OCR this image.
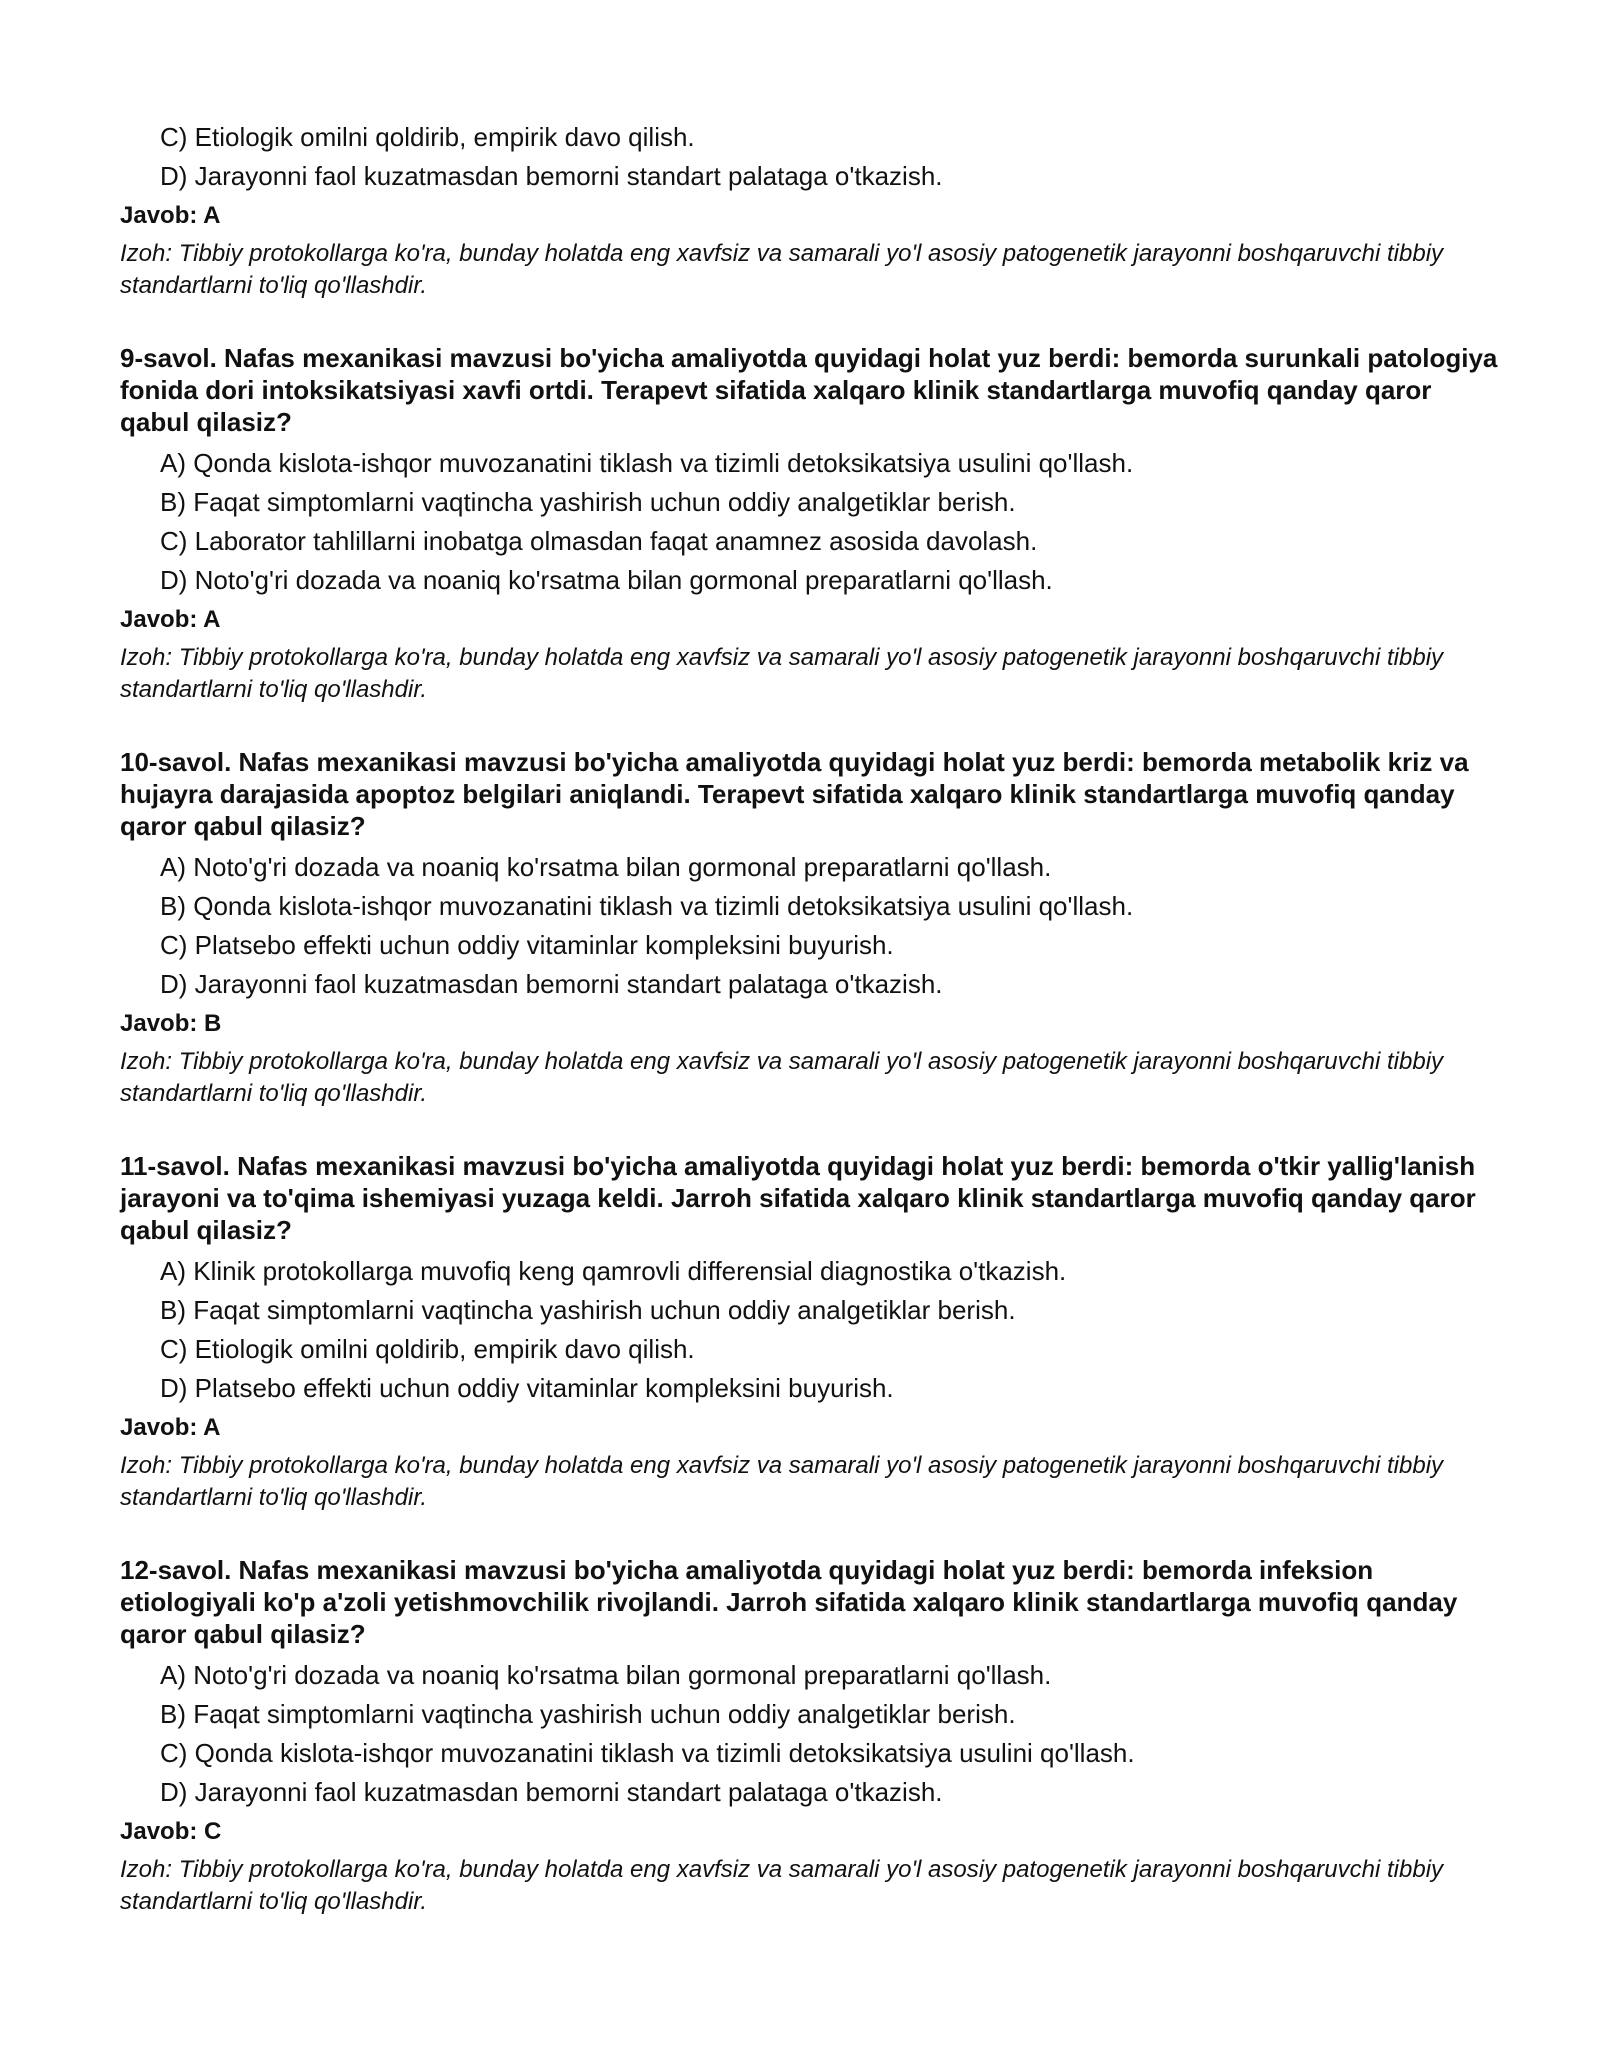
C) Etiologik omilni qoldirib, empirik davo qilish.
D) Jarayonni faol kuzatmasdan bemorni standart palataga o'tkazish.
Javob: A
Izoh: Tibbiy protokollarga ko'ra, bunday holatda eng xavfsiz va samarali yo'l asosiy patogenetik jarayonni boshqaruvchi tibbiy standartlarni to'liq qo'llashdir.
9-savol. Nafas mexanikasi mavzusi bo'yicha amaliyotda quyidagi holat yuz berdi: bemorda surunkali patologiya fonida dori intoksikatsiyasi xavfi ortdi. Terapevt sifatida xalqaro klinik standartlarga muvofiq qanday qaror qabul qilasiz?
A) Qonda kislota-ishqor muvozanatini tiklash va tizimli detoksikatsiya usulini qo'llash.
B) Faqat simptomlarni vaqtincha yashirish uchun oddiy analgetiklar berish.
C) Laborator tahlillarni inobatga olmasdan faqat anamnez asosida davolash.
D) Noto'g'ri dozada va noaniq ko'rsatma bilan gormonal preparatlarni qo'llash.
Javob: A
Izoh: Tibbiy protokollarga ko'ra, bunday holatda eng xavfsiz va samarali yo'l asosiy patogenetik jarayonni boshqaruvchi tibbiy standartlarni to'liq qo'llashdir.
10-savol. Nafas mexanikasi mavzusi bo'yicha amaliyotda quyidagi holat yuz berdi: bemorda metabolik kriz va hujayra darajasida apoptoz belgilari aniqlandi. Terapevt sifatida xalqaro klinik standartlarga muvofiq qanday qaror qabul qilasiz?
A) Noto'g'ri dozada va noaniq ko'rsatma bilan gormonal preparatlarni qo'llash.
B) Qonda kislota-ishqor muvozanatini tiklash va tizimli detoksikatsiya usulini qo'llash.
C) Platsebo effekti uchun oddiy vitaminlar kompleksini buyurish.
D) Jarayonni faol kuzatmasdan bemorni standart palataga o'tkazish.
Javob: B
Izoh: Tibbiy protokollarga ko'ra, bunday holatda eng xavfsiz va samarali yo'l asosiy patogenetik jarayonni boshqaruvchi tibbiy standartlarni to'liq qo'llashdir.
11-savol. Nafas mexanikasi mavzusi bo'yicha amaliyotda quyidagi holat yuz berdi: bemorda o'tkir yallig'lanish jarayoni va to'qima ishemiyasi yuzaga keldi. Jarroh sifatida xalqaro klinik standartlarga muvofiq qanday qaror qabul qilasiz?
A) Klinik protokollarga muvofiq keng qamrovli differensial diagnostika o'tkazish.
B) Faqat simptomlarni vaqtincha yashirish uchun oddiy analgetiklar berish.
C) Etiologik omilni qoldirib, empirik davo qilish.
D) Platsebo effekti uchun oddiy vitaminlar kompleksini buyurish.
Javob: A
Izoh: Tibbiy protokollarga ko'ra, bunday holatda eng xavfsiz va samarali yo'l asosiy patogenetik jarayonni boshqaruvchi tibbiy standartlarni to'liq qo'llashdir.
12-savol. Nafas mexanikasi mavzusi bo'yicha amaliyotda quyidagi holat yuz berdi: bemorda infeksion etiologiyali ko'p a'zoli yetishmovchilik rivojlandi. Jarroh sifatida xalqaro klinik standartlarga muvofiq qanday qaror qabul qilasiz?
A) Noto'g'ri dozada va noaniq ko'rsatma bilan gormonal preparatlarni qo'llash.
B) Faqat simptomlarni vaqtincha yashirish uchun oddiy analgetiklar berish.
C) Qonda kislota-ishqor muvozanatini tiklash va tizimli detoksikatsiya usulini qo'llash.
D) Jarayonni faol kuzatmasdan bemorni standart palataga o'tkazish.
Javob: C
Izoh: Tibbiy protokollarga ko'ra, bunday holatda eng xavfsiz va samarali yo'l asosiy patogenetik jarayonni boshqaruvchi tibbiy standartlarni to'liq qo'llashdir.
